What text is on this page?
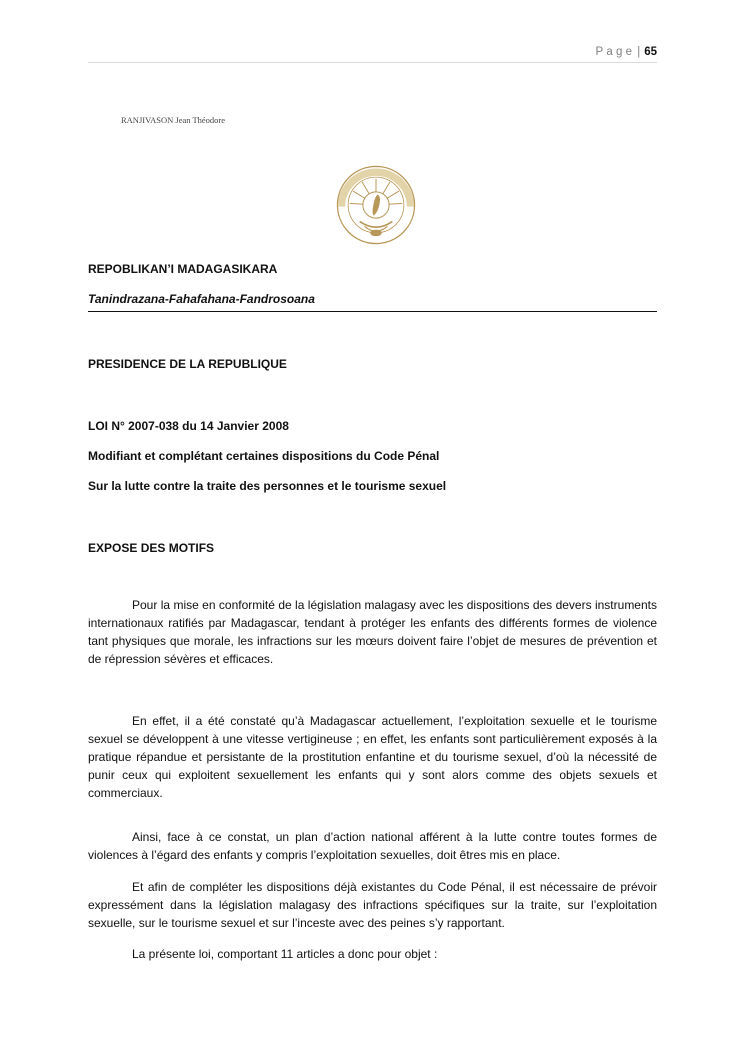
Page | 65
RANJIVASON Jean Théodore
REPOBLIKAN’I MADAGASIKARA
Tanindrazana-Fahafahana-Fandrosoana
PRESIDENCE DE LA REPUBLIQUE
LOI N° 2007-038 du 14 Janvier 2008
Modifiant et complétant certaines dispositions du Code Pénal
Sur la lutte contre la traite des personnes et le tourisme sexuel
EXPOSE DES MOTIFS

Pour la mise en conformité de la législation malagasy avec les dispositions des devers instruments internationaux ratifiés par Madagascar, tendant à protéger les enfants des différents formes de violence tant physiques que morale, les infractions sur les mœurs doivent faire l’objet de mesures de prévention et de répression sévères et efficaces.

En effet, il a été constaté qu’à Madagascar actuellement, l’exploitation sexuelle et le tourisme sexuel se développent à une vitesse vertigineuse ; en effet, les enfants sont particulièrement exposés à la pratique répandue et persistante de la prostitution enfantine et du tourisme sexuel, d’où la nécessité de punir ceux qui exploitent sexuellement les enfants qui y sont alors comme des objets sexuels et commerciaux.

Ainsi, face à ce constat, un plan d’action national afférent à la lutte contre toutes formes de violences à l’égard des enfants y compris l’exploitation sexuelles, doit êtres mis en place.

Et afin de compléter les dispositions déjà existantes du Code Pénal, il est nécessaire de prévoir expressément dans la législation malagasy des infractions spécifiques sur la traite, sur l’exploitation sexuelle, sur le tourisme sexuel et sur l’inceste avec des peines s’y rapportant.

La présente loi, comportant 11 articles a donc pour objet :
